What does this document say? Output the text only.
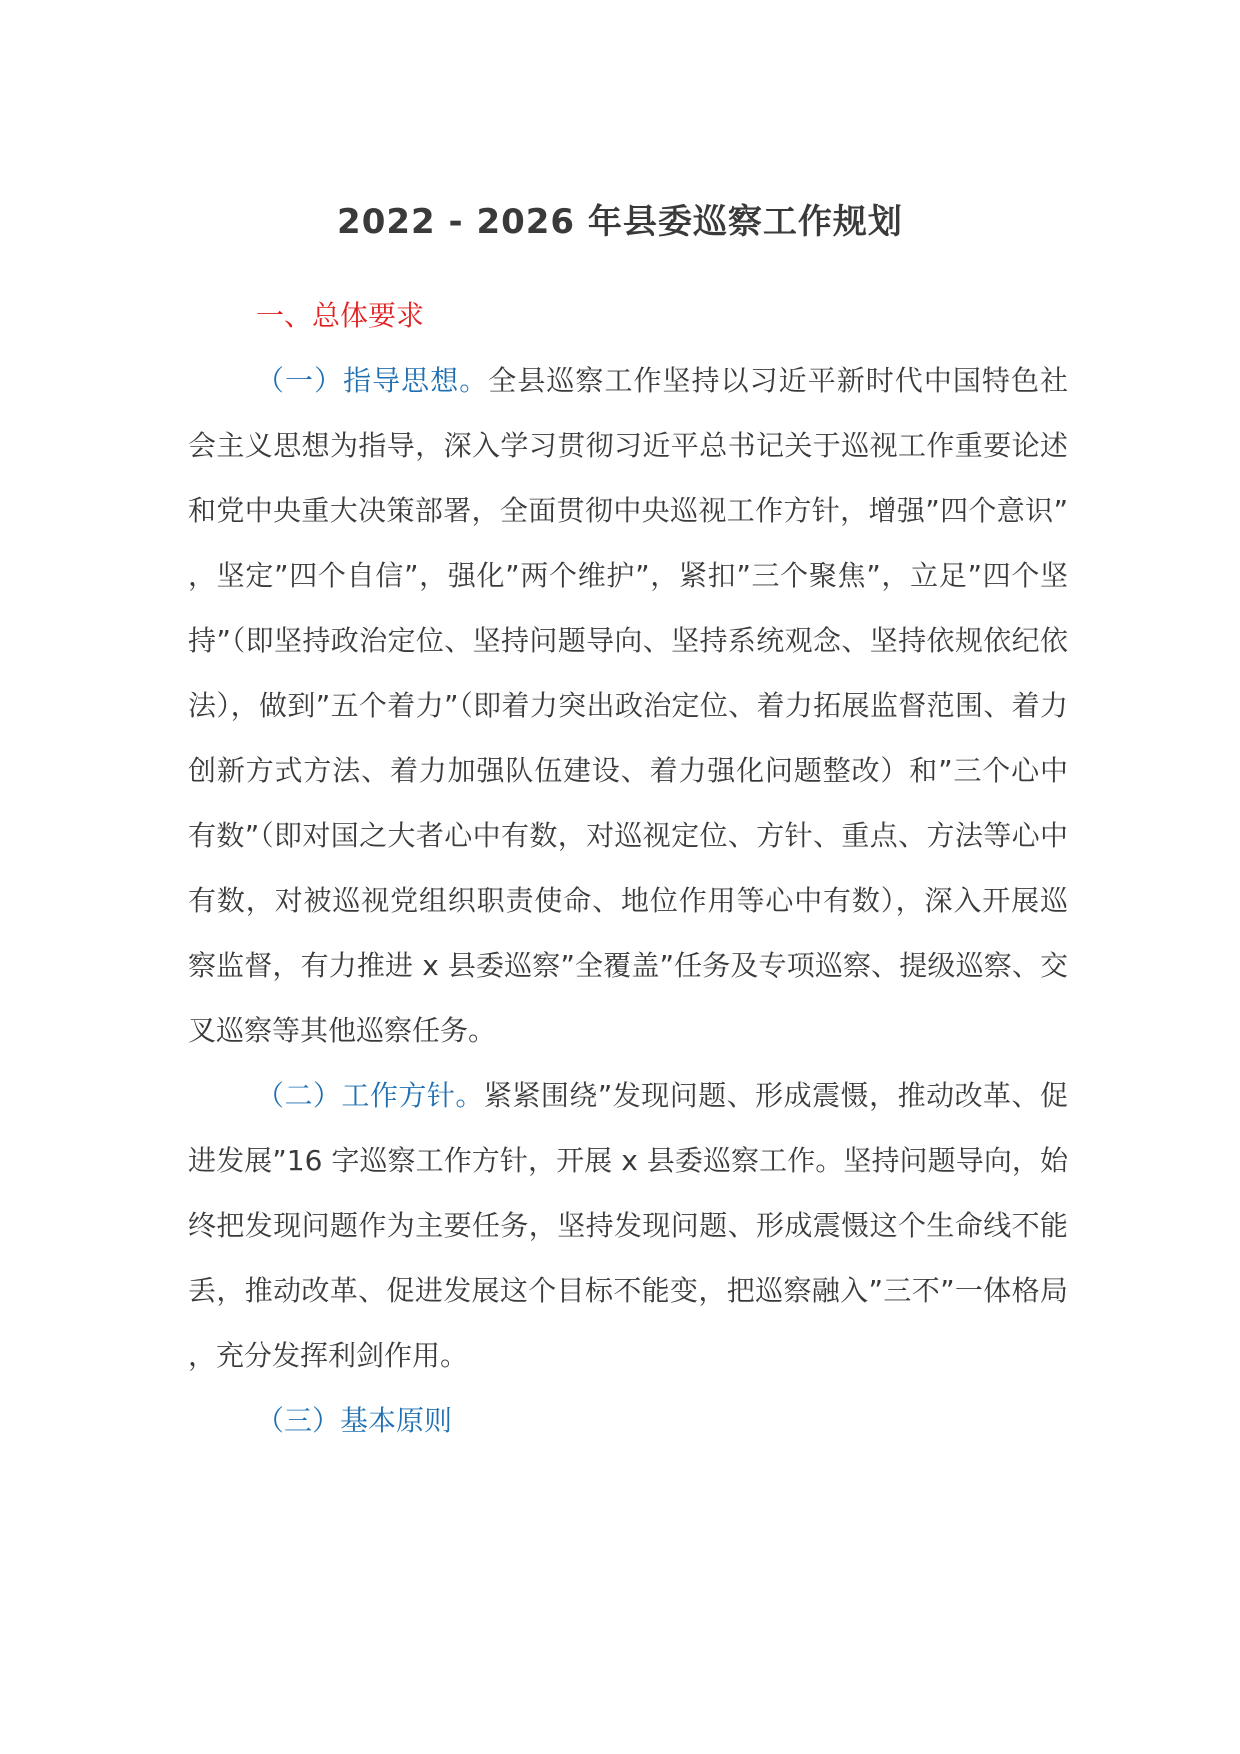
2022 - 2026 年县委巡察工作规划
一、总体要求

（一）指导思想。全县巡察工作坚持以习近平新时代中国特色社会主义思想为指导，深入学习贯彻习近平总书记关于巡视工作重要论述和党中央重大决策部署，全面贯彻中央巡视工作方针，增强”四个意识”，坚定”四个自信”，强化”两个维护”，紧扣”三个聚焦”，立足”四个坚持”（即坚持政治定位、坚持问题导向、坚持系统观念、坚持依规依纪依法），做到”五个着力”（即着力突出政治定位、着力拓展监督范围、着力创新方式方法、着力加强队伍建设、着力强化问题整改）和”三个心中有数”（即对国之大者心中有数，对巡视定位、方针、重点、方法等心中有数，对被巡视党组织职责使命、地位作用等心中有数），深入开展巡察监督，有力推进 x 县委巡察”全覆盖”任务及专项巡察、提级巡察、交叉巡察等其他巡察任务。

（二）工作方针。紧紧围绕”发现问题、形成震慑，推动改革、促进发展”16 字巡察工作方针，开展 x 县委巡察工作。坚持问题导向，始终把发现问题作为主要任务，坚持发现问题、形成震慑这个生命线不能丢，推动改革、促进发展这个目标不能变，把巡察融入”三不”一体格局，充分发挥利剑作用。

（三）基本原则
